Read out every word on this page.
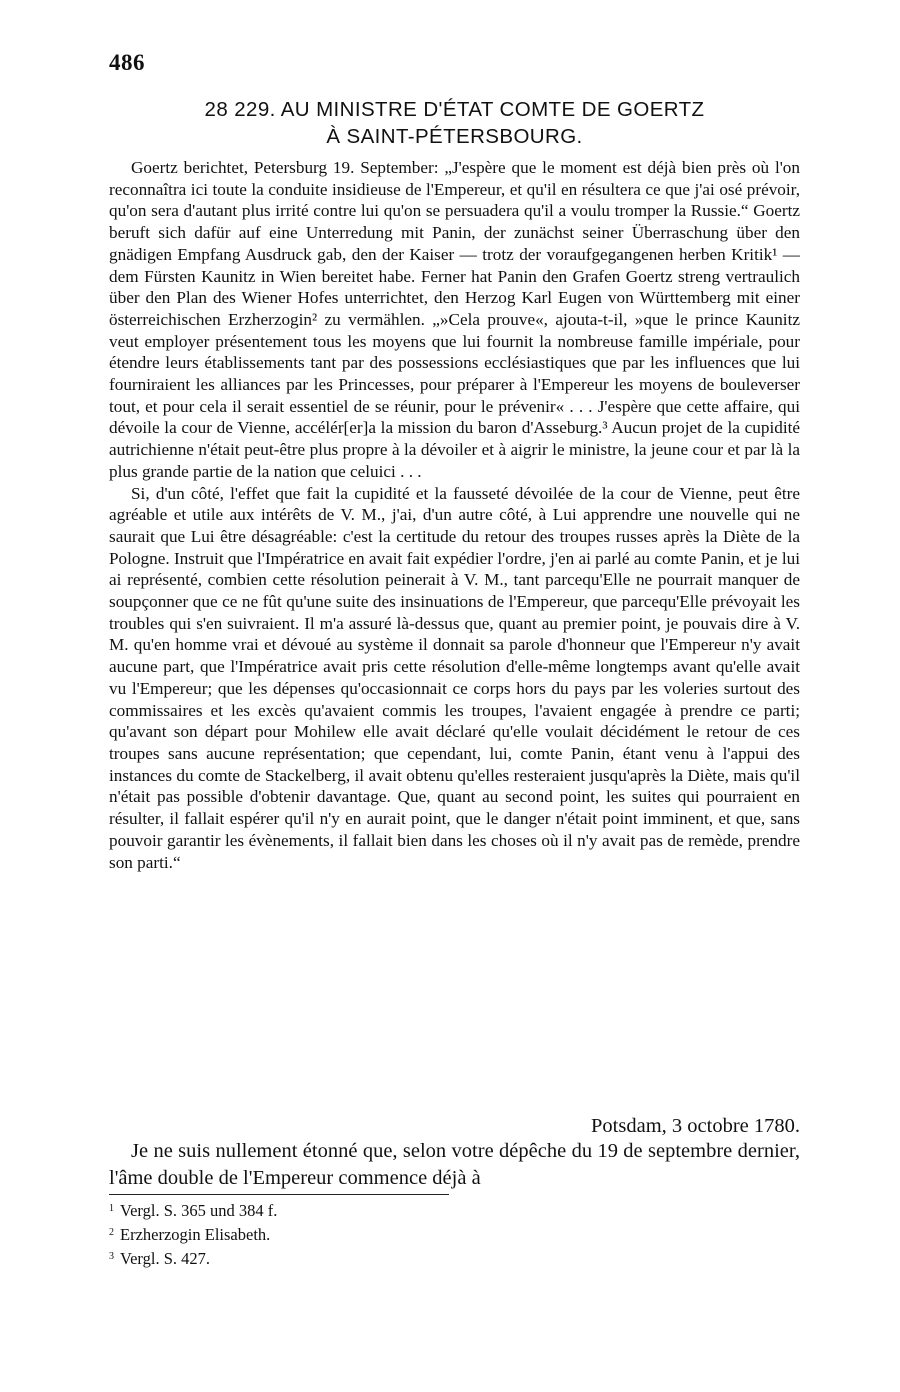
486
28 229. AU MINISTRE D'ÉTAT COMTE DE GOERTZ
À SAINT-PÉTERSBOURG.

Goertz berichtet, Petersburg 19. September: „J'espère que le moment est déjà bien près où l'on reconnaîtra ici toute la conduite insidieuse de l'Empereur, et qu'il en résultera ce que j'ai osé prévoir, qu'on sera d'autant plus irrité contre lui qu'on se persuadera qu'il a voulu tromper la Russie.“ Goertz beruft sich dafür auf eine Unterredung mit Panin, der zunächst seiner Überraschung über den gnädigen Empfang Ausdruck gab, den der Kaiser — trotz der voraufgegangenen herben Kritik¹ — dem Fürsten Kaunitz in Wien bereitet habe. Ferner hat Panin den Grafen Goertz streng vertraulich über den Plan des Wiener Hofes unterrichtet, den Herzog Karl Eugen von Württemberg mit einer österreichischen Erzherzogin² zu vermählen. „»Cela prouve«, ajouta-t-il, »que le prince Kaunitz veut employer présentement tous les moyens que lui fournit la nombreuse famille impériale, pour étendre leurs établissements tant par des possessions ecclésiastiques que par les influences que lui fourniraient les alliances par les Princesses, pour préparer à l'Empereur les moyens de bouleverser tout, et pour cela il serait essentiel de se réunir, pour le prévenir« . . . J'espère que cette affaire, qui dévoile la cour de Vienne, accélér[er]a la mission du baron d'Asseburg.³ Aucun projet de la cupidité autrichienne n'était peut-être plus propre à la dévoiler et à aigrir le ministre, la jeune cour et par là la plus grande partie de la nation que celuici . . .

Si, d'un côté, l'effet que fait la cupidité et la fausseté dévoilée de la cour de Vienne, peut être agréable et utile aux intérêts de V. M., j'ai, d'un autre côté, à Lui apprendre une nouvelle qui ne saurait que Lui être désagréable: c'est la certitude du retour des troupes russes après la Diète de la Pologne. Instruit que l'Impératrice en avait fait expédier l'ordre, j'en ai parlé au comte Panin, et je lui ai représenté, combien cette résolution peinerait à V. M., tant parcequ'Elle ne pourrait manquer de soupçonner que ce ne fût qu'une suite des insinuations de l'Empereur, que parcequ'Elle prévoyait les troubles qui s'en suivraient. Il m'a assuré là-dessus que, quant au premier point, je pouvais dire à V. M. qu'en homme vrai et dévoué au système il donnait sa parole d'honneur que l'Empereur n'y avait aucune part, que l'Impératrice avait pris cette résolution d'elle-même longtemps avant qu'elle avait vu l'Empereur; que les dépenses qu'occasionnait ce corps hors du pays par les voleries surtout des commissaires et les excès qu'avaient commis les troupes, l'avaient engagée à prendre ce parti; qu'avant son départ pour Mohilew elle avait déclaré qu'elle voulait décidément le retour de ces troupes sans aucune représentation; que cependant, lui, comte Panin, étant venu à l'appui des instances du comte de Stackelberg, il avait obtenu qu'elles resteraient jusqu'après la Diète, mais qu'il n'était pas possible d'obtenir davantage. Que, quant au second point, les suites qui pourraient en résulter, il fallait espérer qu'il n'y en aurait point, que le danger n'était point imminent, et que, sans pouvoir garantir les évènements, il fallait bien dans les choses où il n'y avait pas de remède, prendre son parti.“

Potsdam, 3 octobre 1780.

Je ne suis nullement étonné que, selon votre dépêche du 19 de septembre dernier, l'âme double de l'Empereur commence déjà à

$^1$ Vergl. S. 365 und 384 f.
$^2$ Erzherzogin Elisabeth.
$^3$ Vergl. S. 427.
